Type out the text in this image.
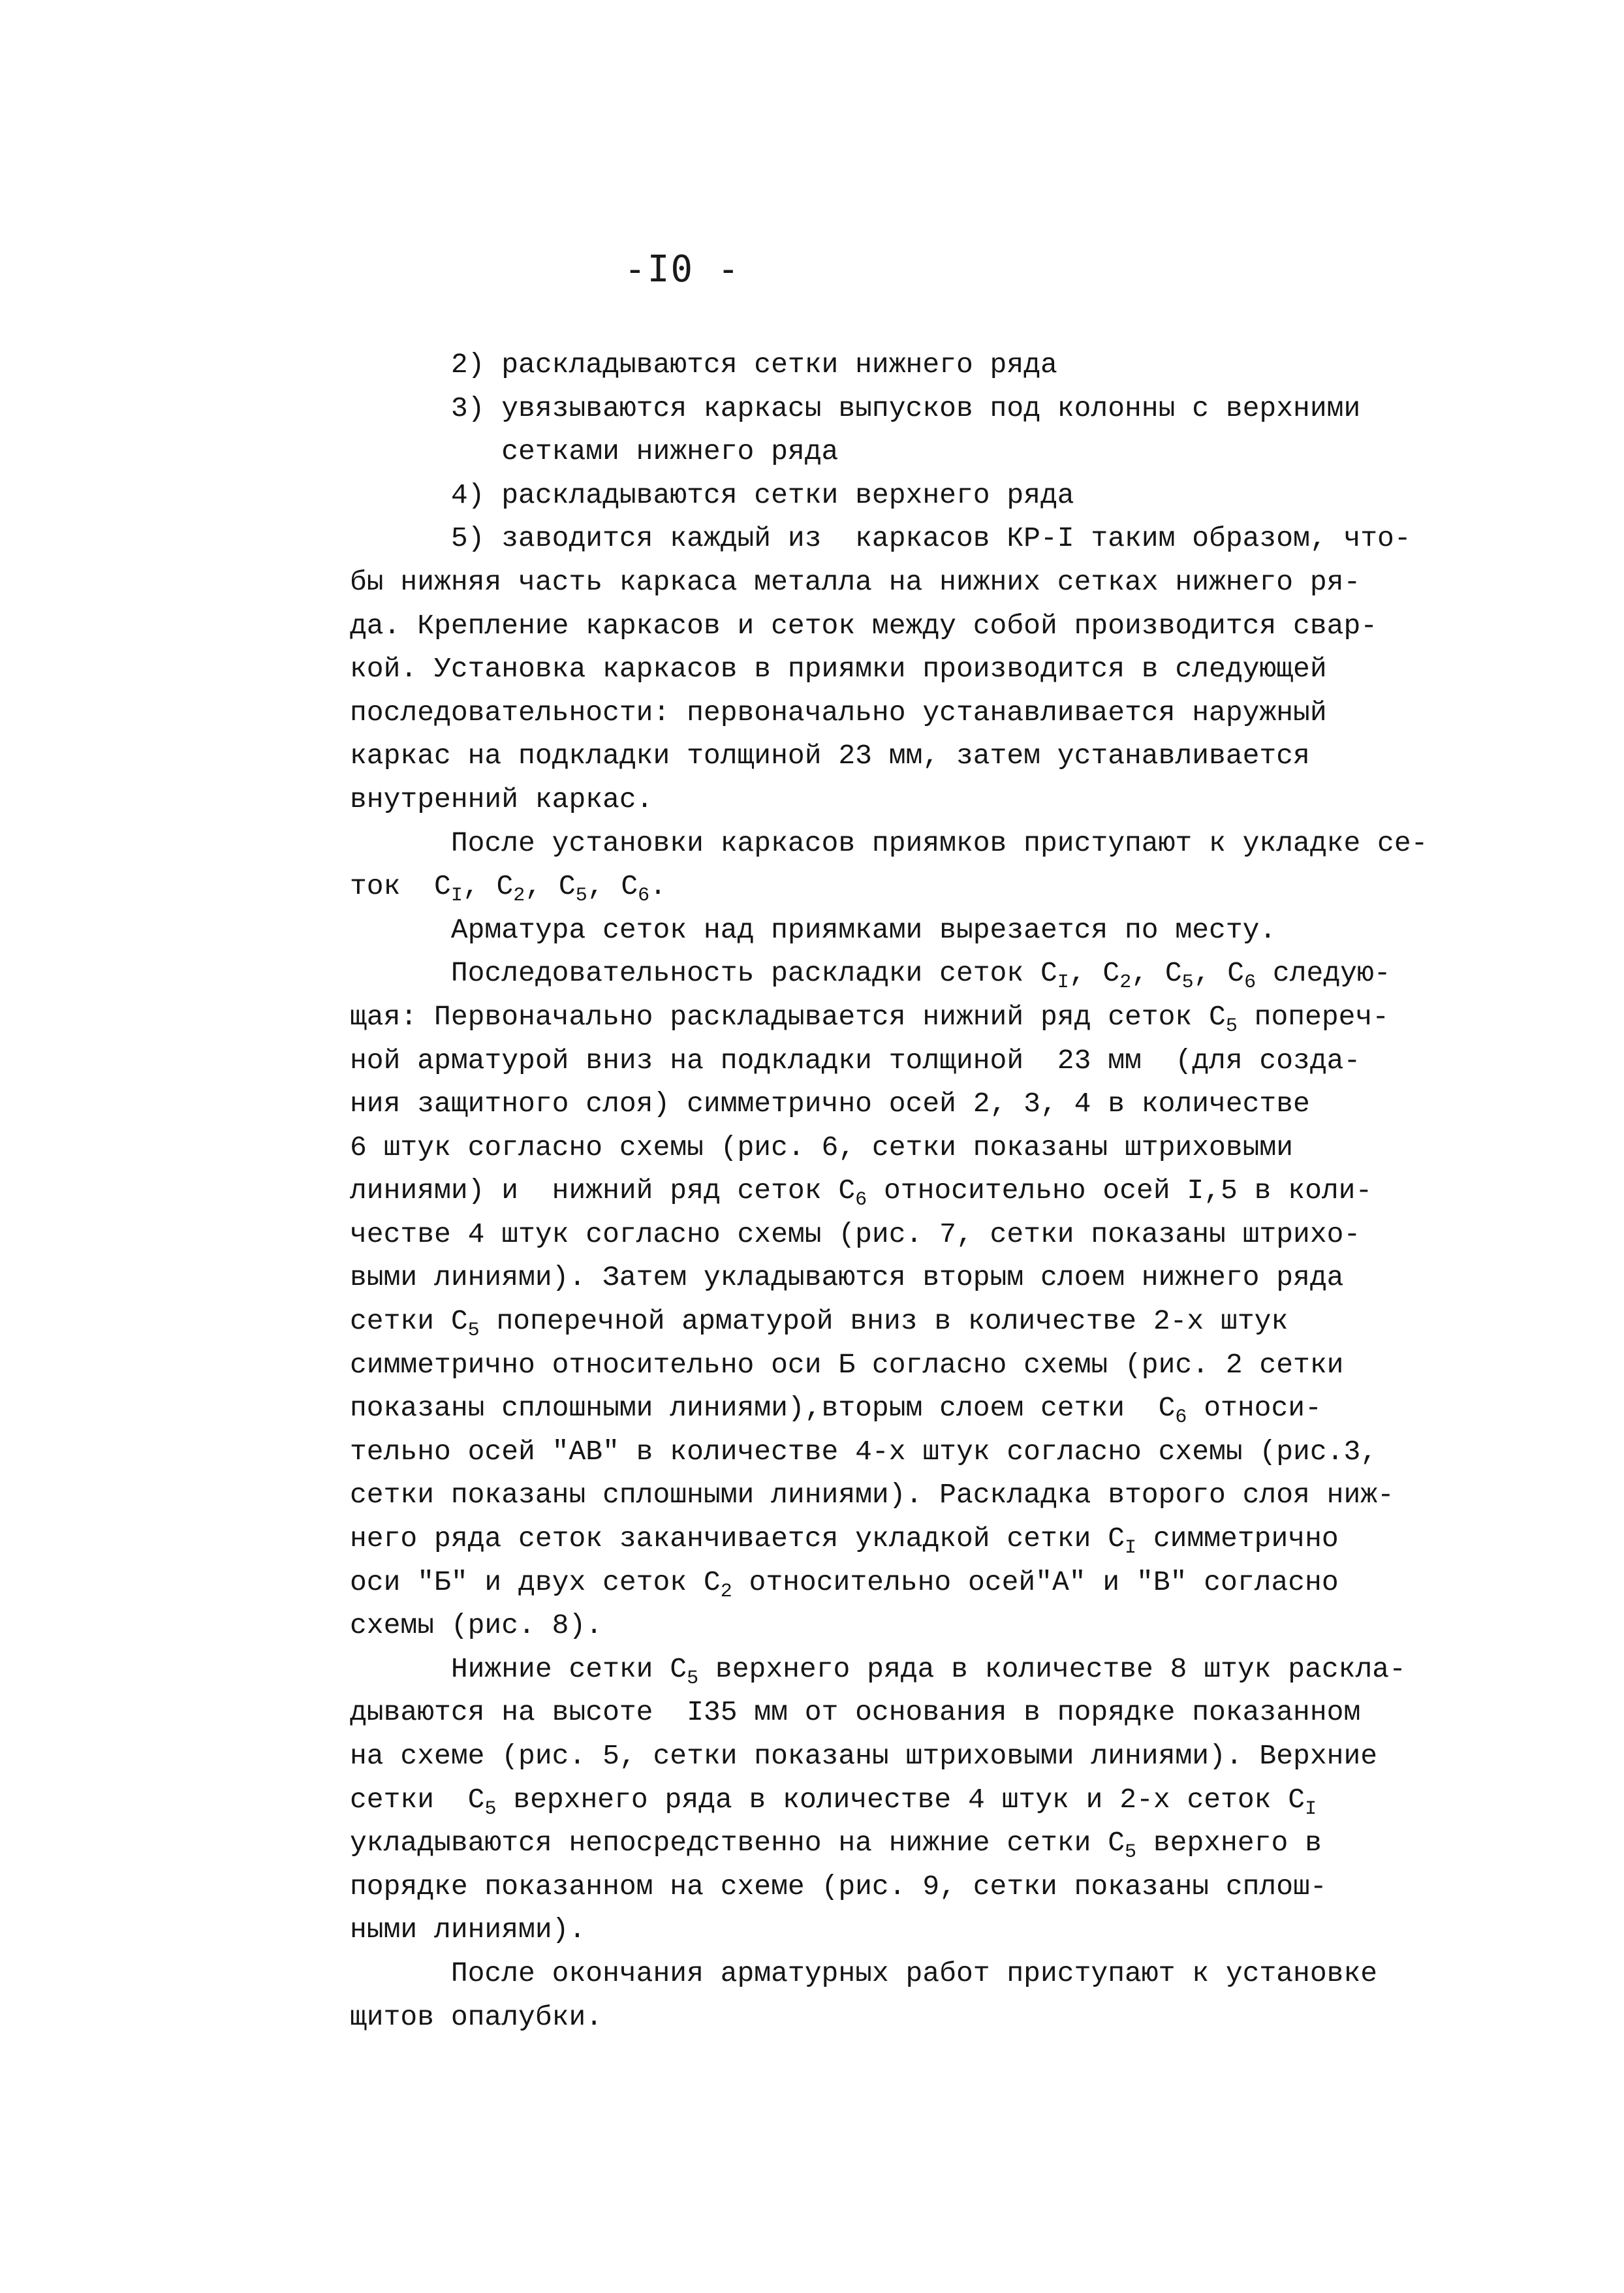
-I0 -
2) раскладываются сетки нижнего ряда
3) увязываются каркасы выпусков под колонны с верхними
сетками нижнего ряда
4) раскладываются сетки верхнего ряда
5) заводится каждый из  каркасов КР-I таким образом, что-
бы нижняя часть каркаса металла на нижних сетках нижнего ря-
да. Крепление каркасов и сеток между собой производится свар-
кой. Установка каркасов в приямки производится в следующей
последовательности: первоначально устанавливается наружный
каркас на подкладки толщиной 23 мм, затем устанавливается
внутренний каркас.
После установки каркасов приямков приступают к укладке се-
ток  $C_I$, $C_2$, $C_5$, $C_6$.
Арматура сеток над приямками вырезается по месту.
Последовательность раскладки сеток $C_I$, $C_2$, $C_5$, $C_6$ следую-
щая: Первоначально раскладывается нижний ряд сеток $C_5$ попереч-
ной арматурой вниз на подкладки толщиной  23 мм  (для созда-
ния защитного слоя) симметрично осей 2, 3, 4 в количестве
6 штук согласно схемы (рис. 6, сетки показаны штриховыми
линиями) и  нижний ряд сеток $C_6$ относительно осей I,5 в коли-
честве 4 штук согласно схемы (рис. 7, сетки показаны штрихо-
выми линиями). Затем укладываются вторым слоем нижнего ряда
сетки $C_5$ поперечной арматурой вниз в количестве 2-х штук
симметрично относительно оси Б согласно схемы (рис. 2 сетки
показаны сплошными линиями),вторым слоем сетки  $C_6$ относи-
тельно осей "АВ" в количестве 4-х штук согласно схемы (рис.3,
сетки показаны сплошными линиями). Раскладка второго слоя ниж-
него ряда сеток заканчивается укладкой сетки $C_I$ симметрично
оси "Б" и двух сеток $C_2$ относительно осей"А" и "В" согласно
схемы (рис. 8).
Нижние сетки $C_5$ верхнего ряда в количестве 8 штук раскла-
дываются на высоте  I35 мм от основания в порядке показанном
на схеме (рис. 5, сетки показаны штриховыми линиями). Верхние
сетки  $C_5$ верхнего ряда в количестве 4 штук и 2-х сеток $C_I$
укладываются непосредственно на нижние сетки $C_5$ верхнего в
порядке показанном на схеме (рис. 9, сетки показаны сплош-
ными линиями).
После окончания арматурных работ приступают к установке
щитов опалубки.
